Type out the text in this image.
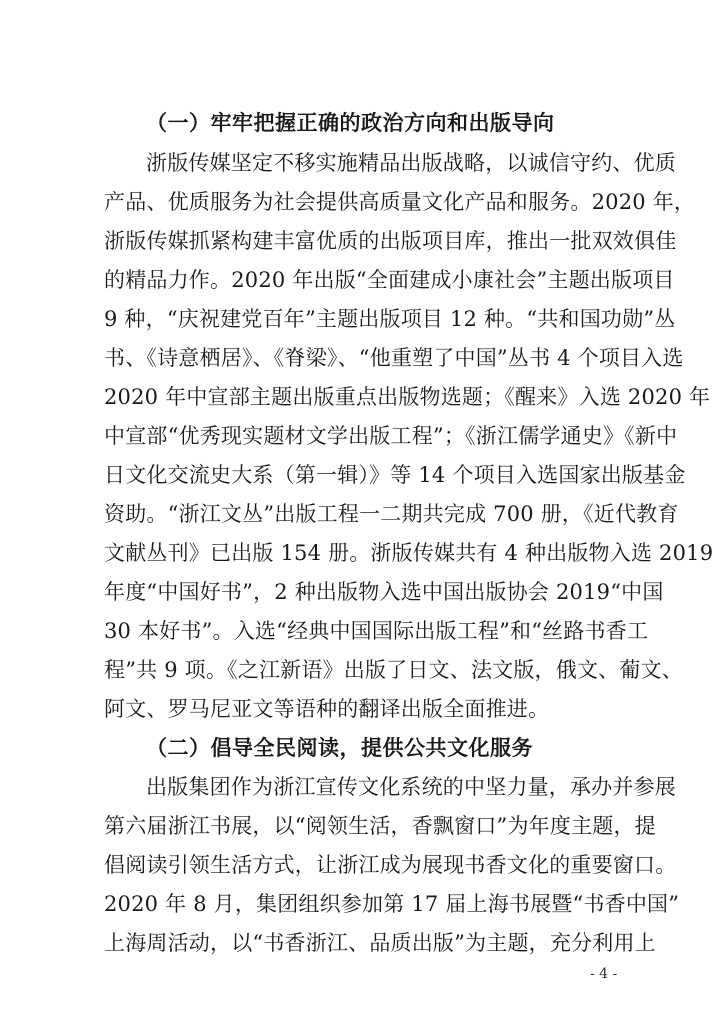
（一）牢牢把握正确的政治方向和出版导向
浙版传媒坚定不移实施精品出版战略，以诚信守约、优质
产品、优质服务为社会提供高质量文化产品和服务。2020 年，
浙版传媒抓紧构建丰富优质的出版项目库，推出一批双效俱佳
的精品力作。2020 年出版“全面建成小康社会”主题出版项目
9 种，“庆祝建党百年”主题出版项目 12 种。“共和国功勋”丛
书、《诗意栖居》、《脊梁》、“他重塑了中国”丛书 4 个项目入选
2020 年中宣部主题出版重点出版物选题；《醒来》入选 2020 年
中宣部“优秀现实题材文学出版工程”；《浙江儒学通史》《新中
日文化交流史大系（第一辑）》等 14 个项目入选国家出版基金
资助。“浙江文丛”出版工程一二期共完成 700 册，《近代教育
文献丛刊》已出版 154 册。浙版传媒共有 4 种出版物入选 2019
年度“中国好书”，2 种出版物入选中国出版协会 2019“中国
30 本好书”。入选“经典中国国际出版工程”和“丝路书香工
程”共 9 项。《之江新语》出版了日文、法文版，俄文、葡文、
阿文、罗马尼亚文等语种的翻译出版全面推进。
（二）倡导全民阅读，提供公共文化服务
出版集团作为浙江宣传文化系统的中坚力量，承办并参展
第六届浙江书展，以“阅领生活，香飘窗口”为年度主题，提
倡阅读引领生活方式，让浙江成为展现书香文化的重要窗口。
2020 年 8 月，集团组织参加第 17 届上海书展暨“书香中国”
上海周活动，以“书香浙江、品质出版”为主题，充分利用上
- 4 -
